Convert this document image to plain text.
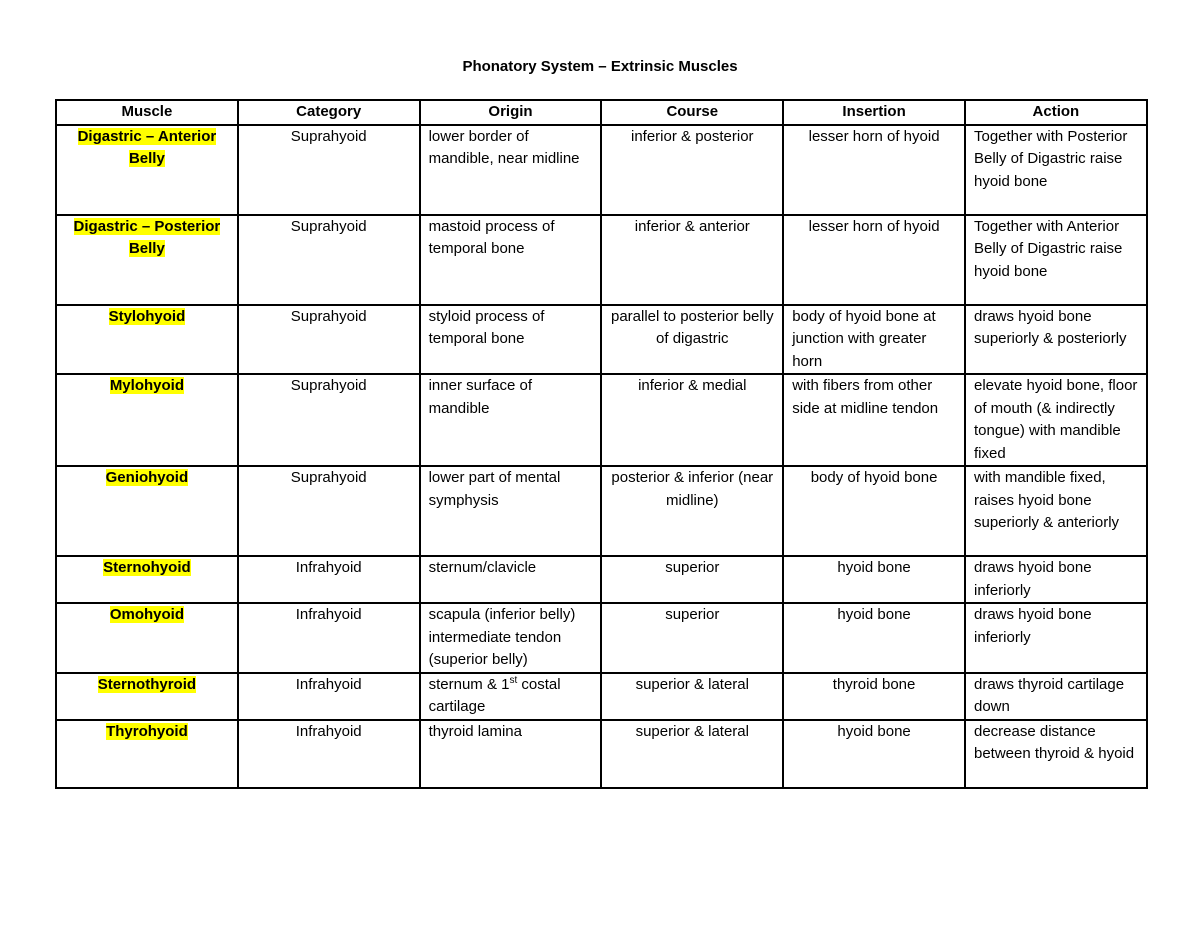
Phonatory System – Extrinsic Muscles
Muscle	Category	Origin	Course	Insertion	Action
Digastric – Anterior Belly	Suprahyoid	lower border of mandible, near midline	inferior & posterior	lesser horn of hyoid	Together with Posterior Belly of Digastric raise hyoid bone
Digastric – Posterior Belly	Suprahyoid	mastoid process of temporal bone	inferior & anterior	lesser horn of hyoid	Together with Anterior Belly of Digastric raise hyoid bone
Stylohyoid	Suprahyoid	styloid process of temporal bone	parallel to posterior belly of digastric	body of hyoid bone at junction with greater horn	draws hyoid bone superiorly & posteriorly
Mylohyoid	Suprahyoid	inner surface of mandible	inferior & medial	with fibers from other side at midline tendon	elevate hyoid bone, floor of mouth (& indirectly tongue) with mandible fixed
Geniohyoid	Suprahyoid	lower part of mental symphysis	posterior & inferior (near midline)	body of hyoid bone	with mandible fixed, raises hyoid bone superiorly & anteriorly
Sternohyoid	Infrahyoid	sternum/clavicle	superior	hyoid bone	draws hyoid bone inferiorly
Omohyoid	Infrahyoid	scapula (inferior belly) intermediate tendon (superior belly)	superior	hyoid bone	draws hyoid bone inferiorly
Sternothyroid	Infrahyoid	sternum & 1st costal cartilage	superior & lateral	thyroid bone	draws thyroid cartilage down
Thyrohyoid	Infrahyoid	thyroid lamina	superior & lateral	hyoid bone	decrease distance between thyroid & hyoid
